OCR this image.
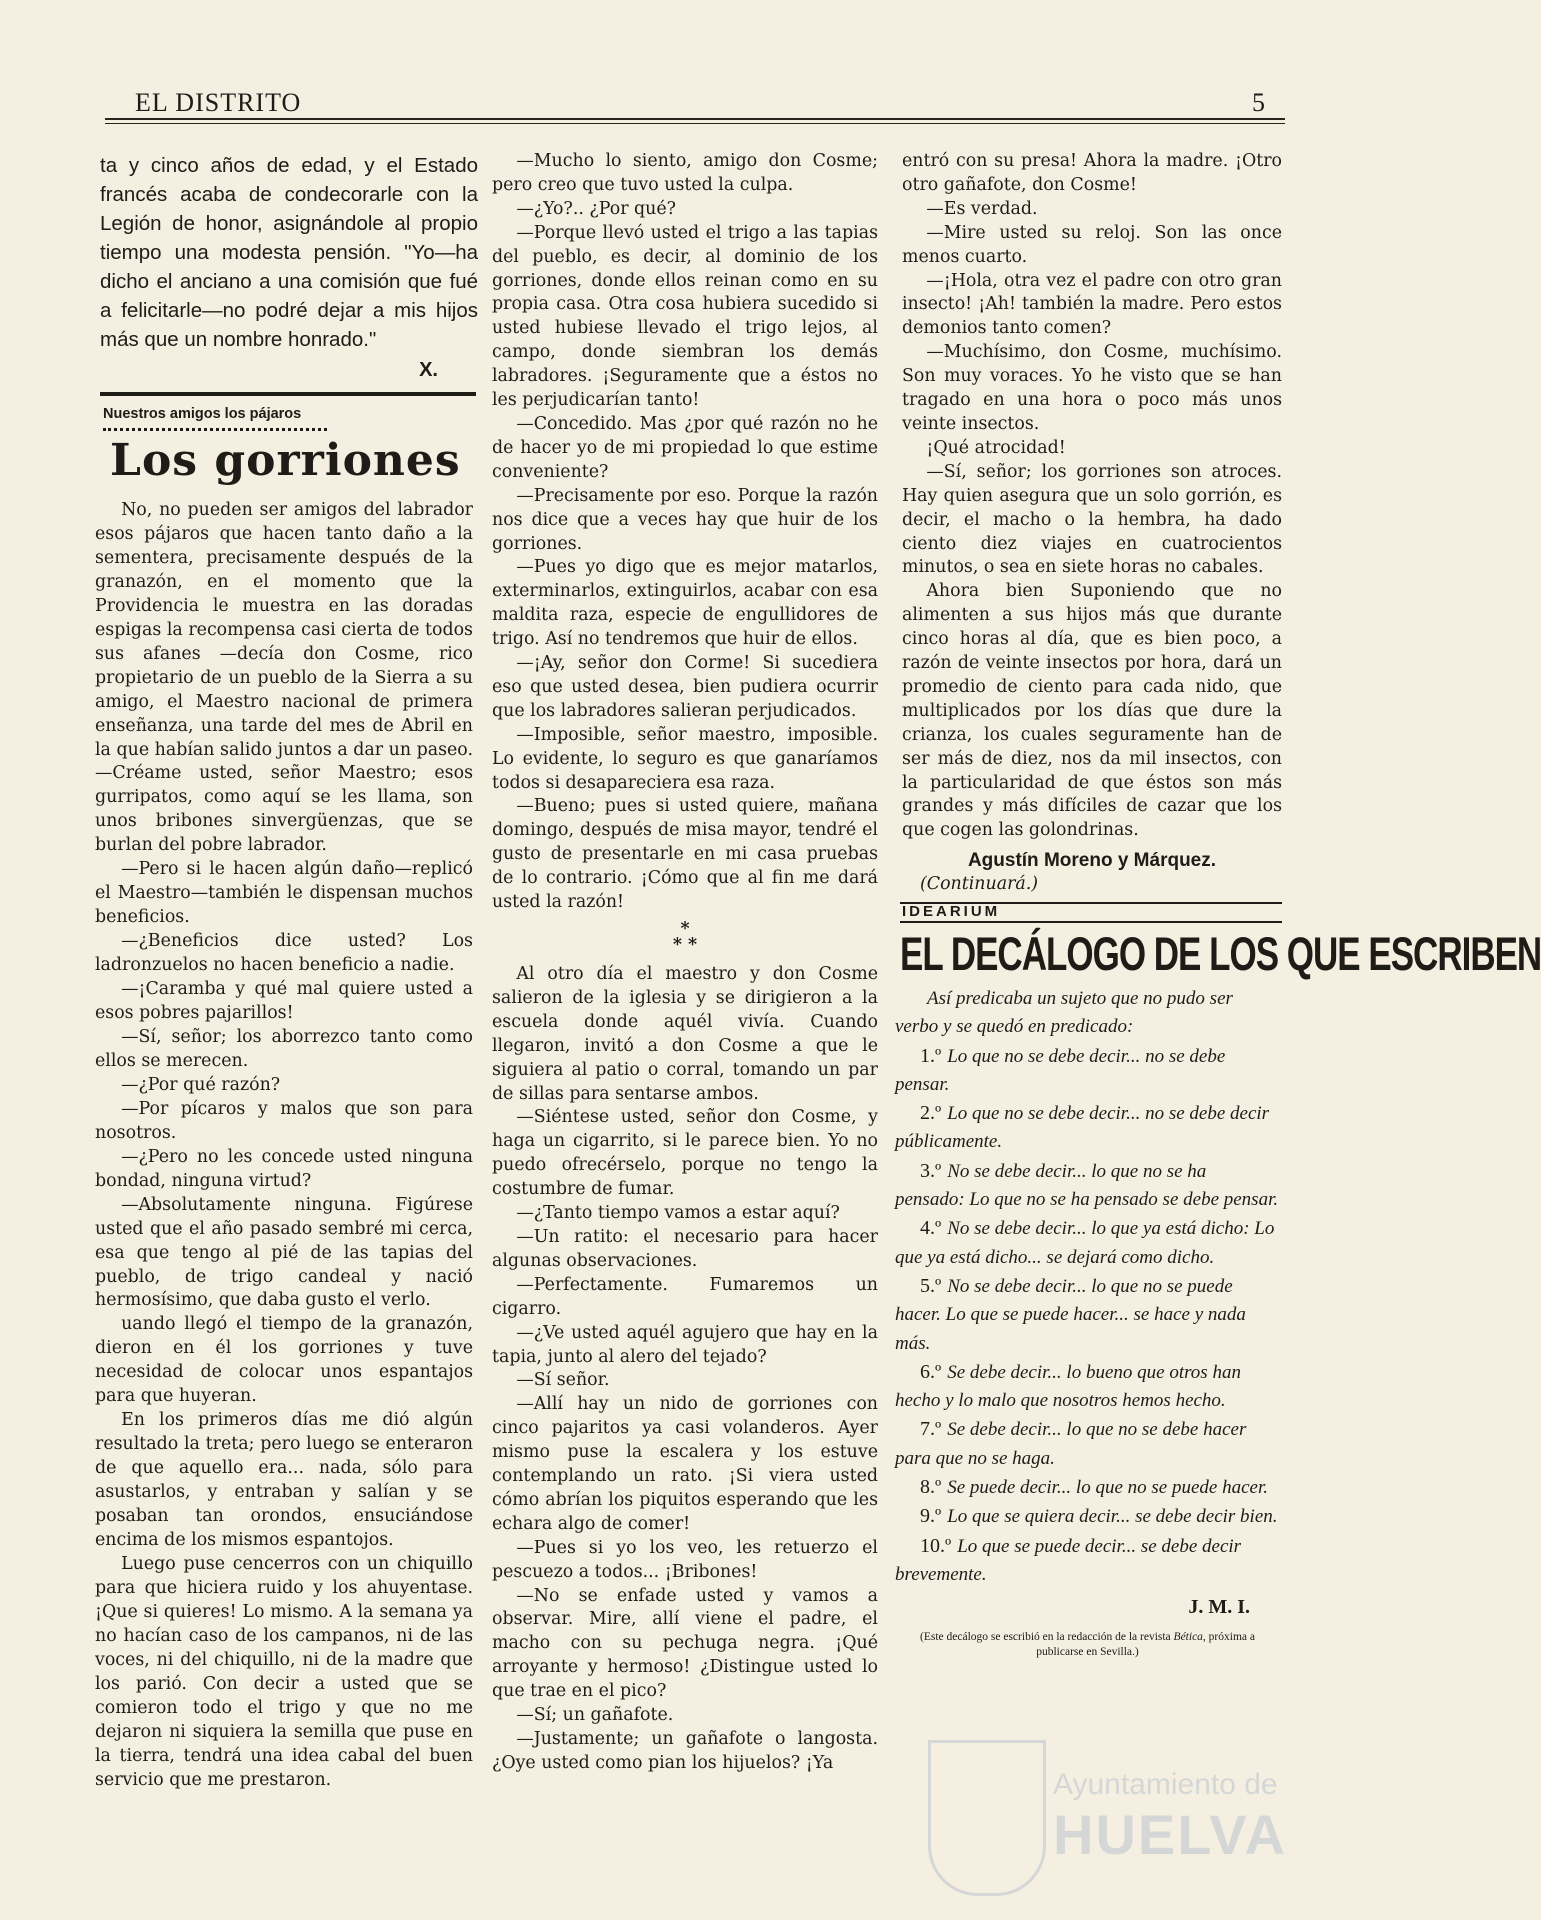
EL DISTRITO	5

ta y cinco años de edad, y el Estado francés acaba de condecorarle con la Legión de honor, asignándole al propio tiempo una modesta pensión. "Yo—ha dicho el anciano a una comisión que fué a felicitarle—no podré dejar a mis hijos más que un nombre honrado."

X.

Nuestros amigos los pájaros
Los gorriones

No, no pueden ser amigos del labrador esos pájaros que hacen tanto daño a la sementera, precisamente después de la granazón, en el momento que la Providencia le muestra en las doradas espigas la recompensa casi cierta de todos sus afanes —decía don Cosme, rico propietario de un pueblo de la Sierra a su amigo, el Maestro nacional de primera enseñanza, una tarde del mes de Abril en la que habían salido juntos a dar un paseo.—Créame usted, señor Maestro; esos gurripatos, como aquí se les llama, son unos bribones sinvergüenzas, que se burlan del pobre labrador.

—Pero si le hacen algún daño—replicó el Maestro—también le dispensan muchos beneficios.

—¿Beneficios dice usted? Los ladronzuelos no hacen beneficio a nadie.

—¡Caramba y qué mal quiere usted a esos pobres pajarillos!

—Sí, señor; los aborrezco tanto como ellos se merecen.

—¿Por qué razón?

—Por pícaros y malos que son para nosotros.

—¿Pero no les concede usted ninguna bondad, ninguna virtud?

—Absolutamente ninguna. Figúrese usted que el año pasado sembré mi cerca, esa que tengo al pié de las tapias del pueblo, de trigo candeal y nació hermosísimo, que daba gusto el verlo.

uando llegó el tiempo de la granazón, dieron en él los gorriones y tuve necesidad de colocar unos espantajos para que huyeran.

En los primeros días me dió algún resultado la treta; pero luego se enteraron de que aquello era... nada, sólo para asustarlos, y entraban y salían y se posaban tan orondos, ensuciándose encima de los mismos espantojos.

Luego puse cencerros con un chiquillo para que hiciera ruido y los ahuyentase. ¡Que si quieres! Lo mismo. A la semana ya no hacían caso de los campanos, ni de las voces, ni del chiquillo, ni de la madre que los parió. Con decir a usted que se comieron todo el trigo y que no me dejaron ni siquiera la semilla que puse en la tierra, tendrá una idea cabal del buen servicio que me prestaron.

—Mucho lo siento, amigo don Cosme; pero creo que tuvo usted la culpa.

—¿Yo?.. ¿Por qué?

—Porque llevó usted el trigo a las tapias del pueblo, es decir, al dominio de los gorriones, donde ellos reinan como en su propia casa. Otra cosa hubiera sucedido si usted hubiese llevado el trigo lejos, al campo, donde siembran los demás labradores. ¡Seguramente que a éstos no les perjudicarían tanto!

—Concedido. Mas ¿por qué razón no he de hacer yo de mi propiedad lo que estime conveniente?

—Precisamente por eso. Porque la razón nos dice que a veces hay que huir de los gorriones.

—Pues yo digo que es mejor matarlos, exterminarlos, extinguirlos, acabar con esa maldita raza, especie de engullidores de trigo. Así no tendremos que huir de ellos.

—¡Ay, señor don Corme! Si sucediera eso que usted desea, bien pudiera ocurrir que los labradores salieran perjudicados.

—Imposible, señor maestro, imposible. Lo evidente, lo seguro es que ganaríamos todos si desapareciera esa raza.

—Bueno; pues si usted quiere, mañana domingo, después de misa mayor, tendré el gusto de presentarle en mi casa pruebas de lo contrario. ¡Cómo que al fin me dará usted la razón!

*
* *

Al otro día el maestro y don Cosme salieron de la iglesia y se dirigieron a la escuela donde aquél vivía. Cuando llegaron, invitó a don Cosme a que le siguiera al patio o corral, tomando un par de sillas para sentarse ambos.

—Siéntese usted, señor don Cosme, y haga un cigarrito, si le parece bien. Yo no puedo ofrecérselo, porque no tengo la costumbre de fumar.

—¿Tanto tiempo vamos a estar aquí?

—Un ratito: el necesario para hacer algunas observaciones.

—Perfectamente. Fumaremos un cigarro.

—¿Ve usted aquél agujero que hay en la tapia, junto al alero del tejado?

—Sí señor.

—Allí hay un nido de gorriones con cinco pajaritos ya casi volanderos. Ayer mismo puse la escalera y los estuve contemplando un rato. ¡Si viera usted cómo abrían los piquitos esperando que les echara algo de comer!

—Pues si yo los veo, les retuerzo el pescuezo a todos... ¡Bribones!

—No se enfade usted y vamos a observar. Mire, allí viene el padre, el macho con su pechuga negra. ¡Qué arroyante y hermoso! ¿Distingue usted lo que trae en el pico?

—Sí; un gañafote.

—Justamente; un gañafote o langosta. ¿Oye usted como pian los hijuelos? ¡Ya

entró con su presa! Ahora la madre. ¡Otro otro gañafote, don Cosme!

—Es verdad.

—Mire usted su reloj. Son las once menos cuarto.

—¡Hola, otra vez el padre con otro gran insecto! ¡Ah! también la madre. Pero estos demonios tanto comen?

—Muchísimo, don Cosme, muchísimo. Son muy voraces. Yo he visto que se han tragado en una hora o poco más unos veinte insectos.

¡Qué atrocidad!

—Sí, señor; los gorriones son atroces. Hay quien asegura que un solo gorrión, es decir, el macho o la hembra, ha dado ciento diez viajes en cuatrocientos minutos, o sea en siete horas no cabales.

Ahora bien Suponiendo que no alimenten a sus hijos más que durante cinco horas al día, que es bien poco, a razón de veinte insectos por hora, dará un promedio de ciento para cada nido, que multiplicados por los días que dure la crianza, los cuales seguramente han de ser más de diez, nos da mil insectos, con la particularidad de que éstos son más grandes y más difíciles de cazar que los que cogen las golondrinas.

Agustín Moreno y Márquez.

(Continuará.)

IDEARIUM
EL DECÁLOGO DE LOS QUE ESCRIBEN

Así predicaba un sujeto que no pudo ser verbo y se quedó en predicado:

1.º Lo que no se debe decir... no se debe pensar.

2.º Lo que no se debe decir... no se debe decir públicamente.

3.º No se debe decir... lo que no se ha pensado: Lo que no se ha pensado se debe pensar.

4.º No se debe decir... lo que ya está dicho: Lo que ya está dicho... se dejará como dicho.

5.º No se debe decir... lo que no se puede hacer. Lo que se puede hacer... se hace y nada más.

6.º Se debe decir... lo bueno que otros han hecho y lo malo que nosotros hemos hecho.

7.º Se debe decir... lo que no se debe hacer para que no se haga.

8.º Se puede decir... lo que no se puede hacer.

9.º Lo que se quiera decir... se debe decir bien.

10.º Lo que se puede decir... se debe decir brevemente.

J. M. I.

(Este decálogo se escribió en la redacción de la revista Bética, próxima a publicarse en Sevilla.)

Ayuntamiento de
HUELVA
